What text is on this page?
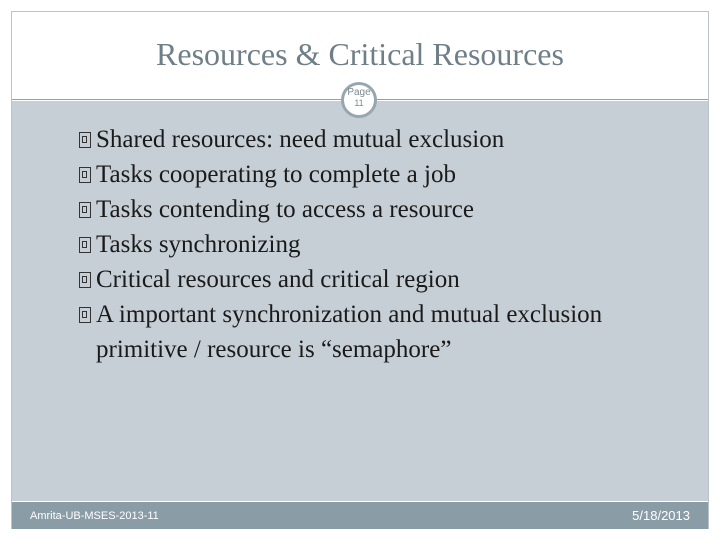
Resources & Critical Resources
Page
11
Shared resources: need mutual exclusion
Tasks cooperating to complete a job
Tasks contending to access a resource
Tasks synchronizing
Critical resources and critical region
A important synchronization and mutual exclusion primitive / resource is “semaphore”
Amrita-UB-MSES-2013-11	5/18/2013
